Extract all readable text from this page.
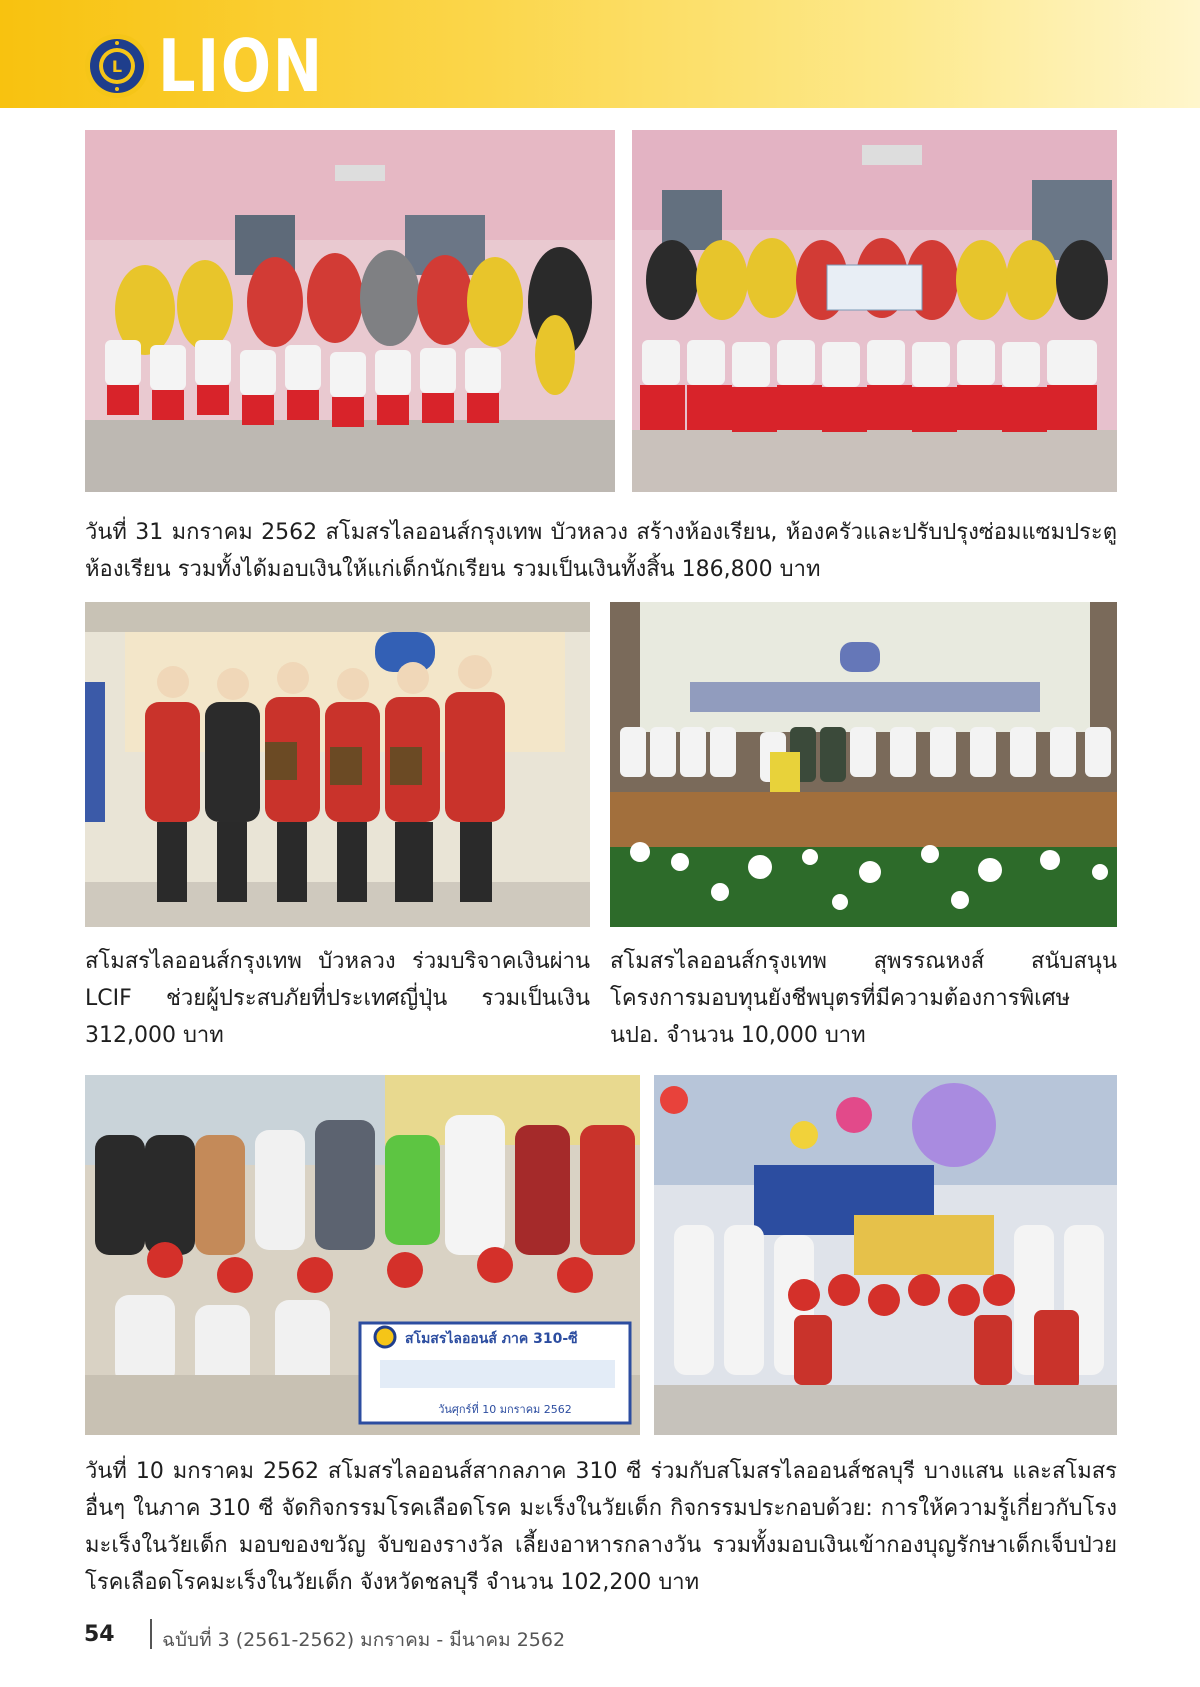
L LION
วันที่ 31 มกราคม 2562 สโมสรไลออนส์กรุงเทพ บัวหลวง สร้างห้องเรียน, ห้องครัวและปรับปรุงซ่อมแซมประตูห้องเรียน รวมทั้งได้มอบเงินให้แก่เด็กนักเรียน รวมเป็นเงินทั้งสิ้น 186,800 บาท
สโมสรไลออนส์กรุงเทพ บัวหลวง ร่วมบริจาคเงินผ่าน LCIF ช่วยผู้ประสบภัยที่ประเทศญี่ปุ่น รวมเป็นเงิน 312,000 บาท
สโมสรไลออนส์กรุงเทพ สุพรรณหงส์ สนับสนุนโครงการมอบทุนยังชีพบุตรที่มีความต้องการพิเศษ นปอ. จำนวน 10,000 บาท
สโมสรไลออนส์ ภาค 310-ซี
วันศุกร์ที่ 10 มกราคม 2562
วันที่ 10 มกราคม 2562 สโมสรไลออนส์สากลภาค 310 ซี ร่วมกับสโมสรไลออนส์ชลบุรี บางแสน และสโมสรอื่นๆ ในภาค 310 ซี จัดกิจกรรมโรคเลือดโรค มะเร็งในวัยเด็ก กิจกรรมประกอบด้วย: การให้ความรู้เกี่ยวกับโรงมะเร็งในวัยเด็ก มอบของขวัญ จับของรางวัล เลี้ยงอาหารกลางวัน รวมทั้งมอบเงินเข้ากองบุญรักษาเด็กเจ็บป่วยโรคเลือดโรคมะเร็งในวัยเด็ก จังหวัดชลบุรี จำนวน 102,200 บาท
54 ฉบับที่ 3 (2561-2562) มกราคม - มีนาคม 2562
